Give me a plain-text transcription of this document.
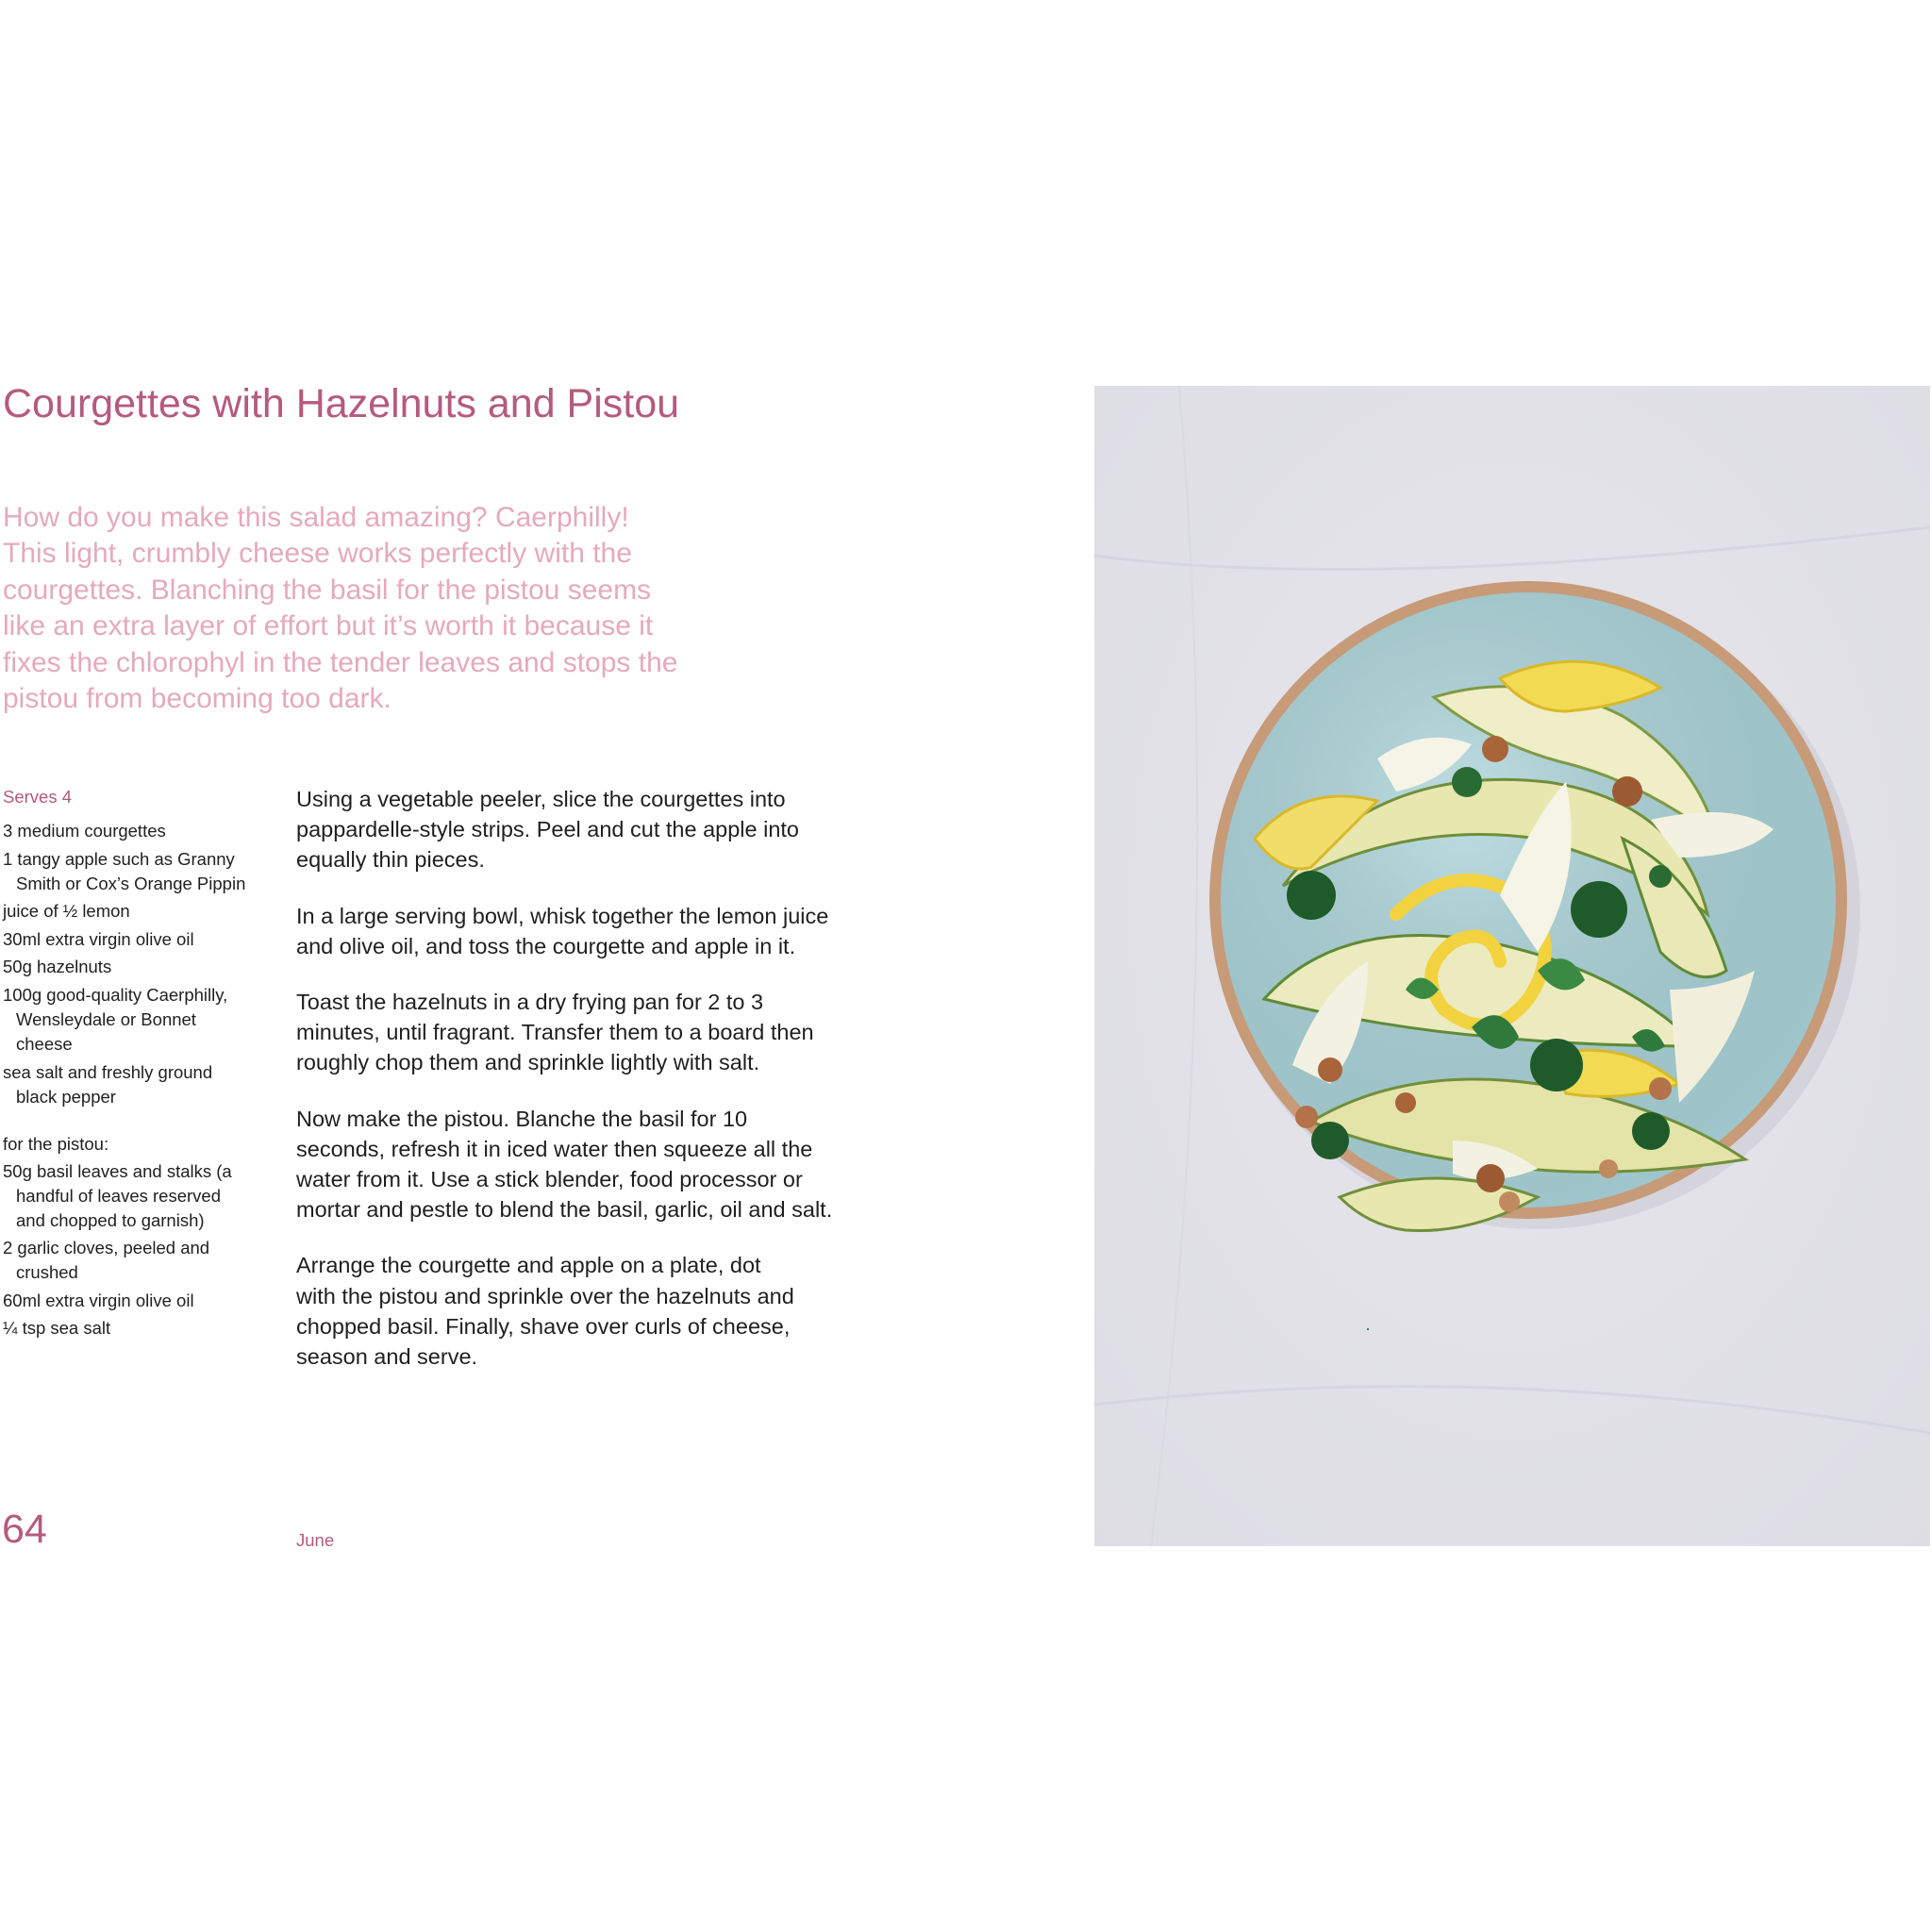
Courgettes with Hazelnuts and Pistou
How do you make this salad amazing? Caerphilly!
This light, crumbly cheese works perfectly with the
courgettes. Blanching the basil for the pistou seems
like an extra layer of effort but it’s worth it because it
fixes the chlorophyl in the tender leaves and stops the
pistou from becoming too dark.
Serves 4
3 medium courgettes
1 tangy apple such as Granny
Smith or Cox’s Orange Pippin
juice of ½ lemon
30ml extra virgin olive oil
50g hazelnuts
100g good-quality Caerphilly,
Wensleydale or Bonnet
cheese
sea salt and freshly ground
black pepper
for the pistou:
50g basil leaves and stalks (a
handful of leaves reserved
and chopped to garnish)
2 garlic cloves, peeled and
crushed
60ml extra virgin olive oil
¼ tsp sea salt

Using a vegetable peeler, slice the courgettes into
pappardelle-style strips. Peel and cut the apple into
equally thin pieces.

In a large serving bowl, whisk together the lemon juice
and olive oil, and toss the courgette and apple in it.

Toast the hazelnuts in a dry frying pan for 2 to 3
minutes, until fragrant. Transfer them to a board then
roughly chop them and sprinkle lightly with salt.

Now make the pistou. Blanche the basil for 10
seconds, refresh it in iced water then squeeze all the
water from it. Use a stick blender, food processor or
mortar and pestle to blend the basil, garlic, oil and salt.

Arrange the courgette and apple on a plate, dot
with the pistou and sprinkle over the hazelnuts and
chopped basil. Finally, shave over curls of cheese,
season and serve.

64	June
